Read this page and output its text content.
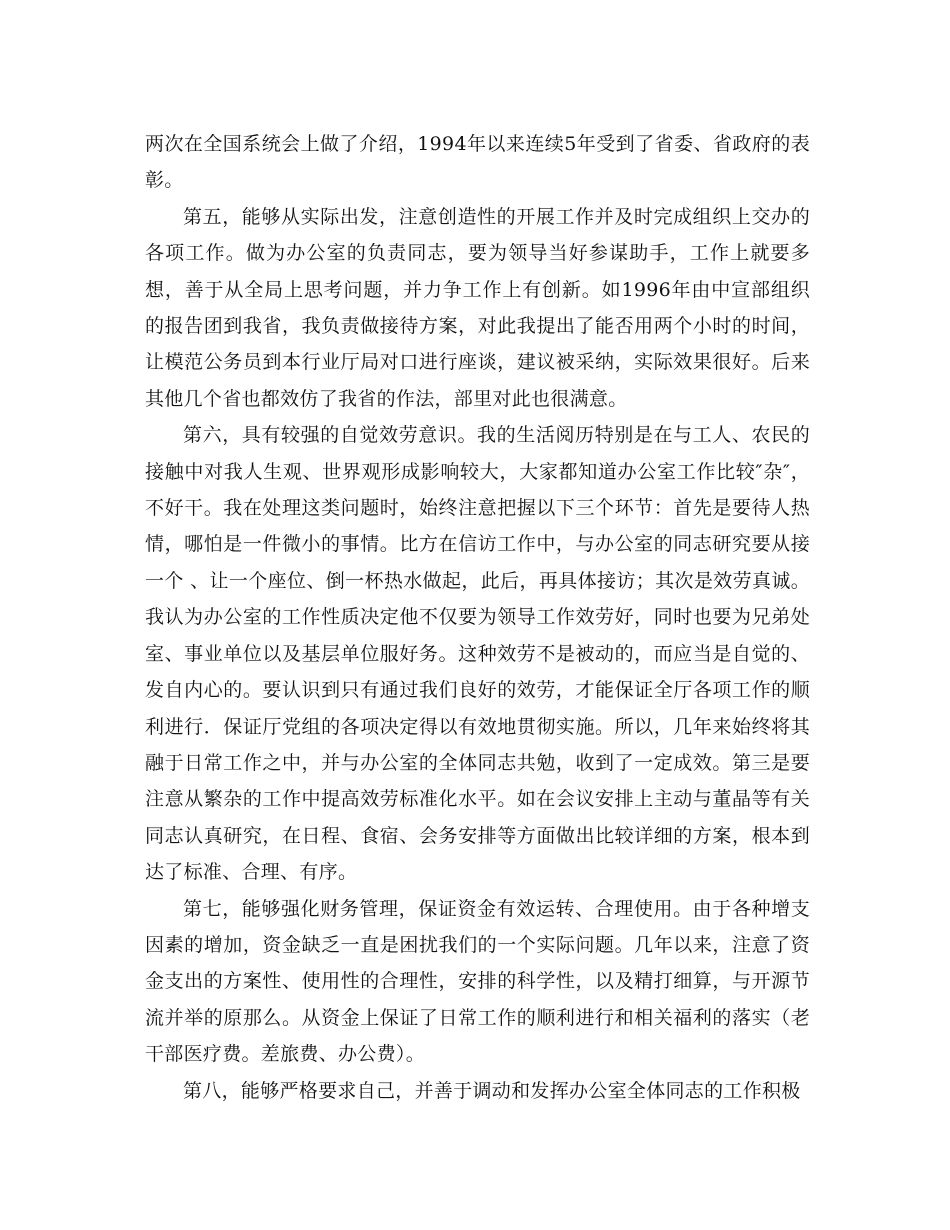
两次在全国系统会上做了介绍，1994年以来连续5年受到了省委、省政府的表彰。

第五，能够从实际出发，注意创造性的开展工作并及时完成组织上交办的各项工作。做为办公室的负责同志，要为领导当好参谋助手，工作上就要多想，善于从全局上思考问题，并力争工作上有创新。如1996年由中宣部组织的报告团到我省，我负责做接待方案，对此我提出了能否用两个小时的时间，让模范公务员到本行业厅局对口进行座谈，建议被采纳，实际效果很好。后来其他几个省也都效仿了我省的作法，部里对此也很满意。

第六，具有较强的自觉效劳意识。我的生活阅历特别是在与工人、农民的接触中对我人生观、世界观形成影响较大，大家都知道办公室工作比较″杂″，不好干。我在处理这类问题时，始终注意把握以下三个环节：首先是要待人热情，哪怕是一件微小的事情。比方在信访工作中，与办公室的同志研究要从接一个 、让一个座位、倒一杯热水做起，此后，再具体接访；其次是效劳真诚。我认为办公室的工作性质决定他不仅要为领导工作效劳好，同时也要为兄弟处室、事业单位以及基层单位服好务。这种效劳不是被动的，而应当是自觉的、发自内心的。要认识到只有通过我们良好的效劳，才能保证全厅各项工作的顺利进行．保证厅党组的各项决定得以有效地贯彻实施。所以，几年来始终将其融于日常工作之中，并与办公室的全体同志共勉，收到了一定成效。第三是要注意从繁杂的工作中提高效劳标准化水平。如在会议安排上主动与董晶等有关同志认真研究，在日程、食宿、会务安排等方面做出比较详细的方案，根本到达了标准、合理、有序。

第七，能够强化财务管理，保证资金有效运转、合理使用。由于各种增支因素的增加，资金缺乏一直是困扰我们的一个实际问题。几年以来，注意了资金支出的方案性、使用性的合理性，安排的科学性，以及精打细算，与开源节流并举的原那么。从资金上保证了日常工作的顺利进行和相关福利的落实（老干部医疗费。差旅费、办公费）。

第八，能够严格要求自己，并善于调动和发挥办公室全体同志的工作积极
